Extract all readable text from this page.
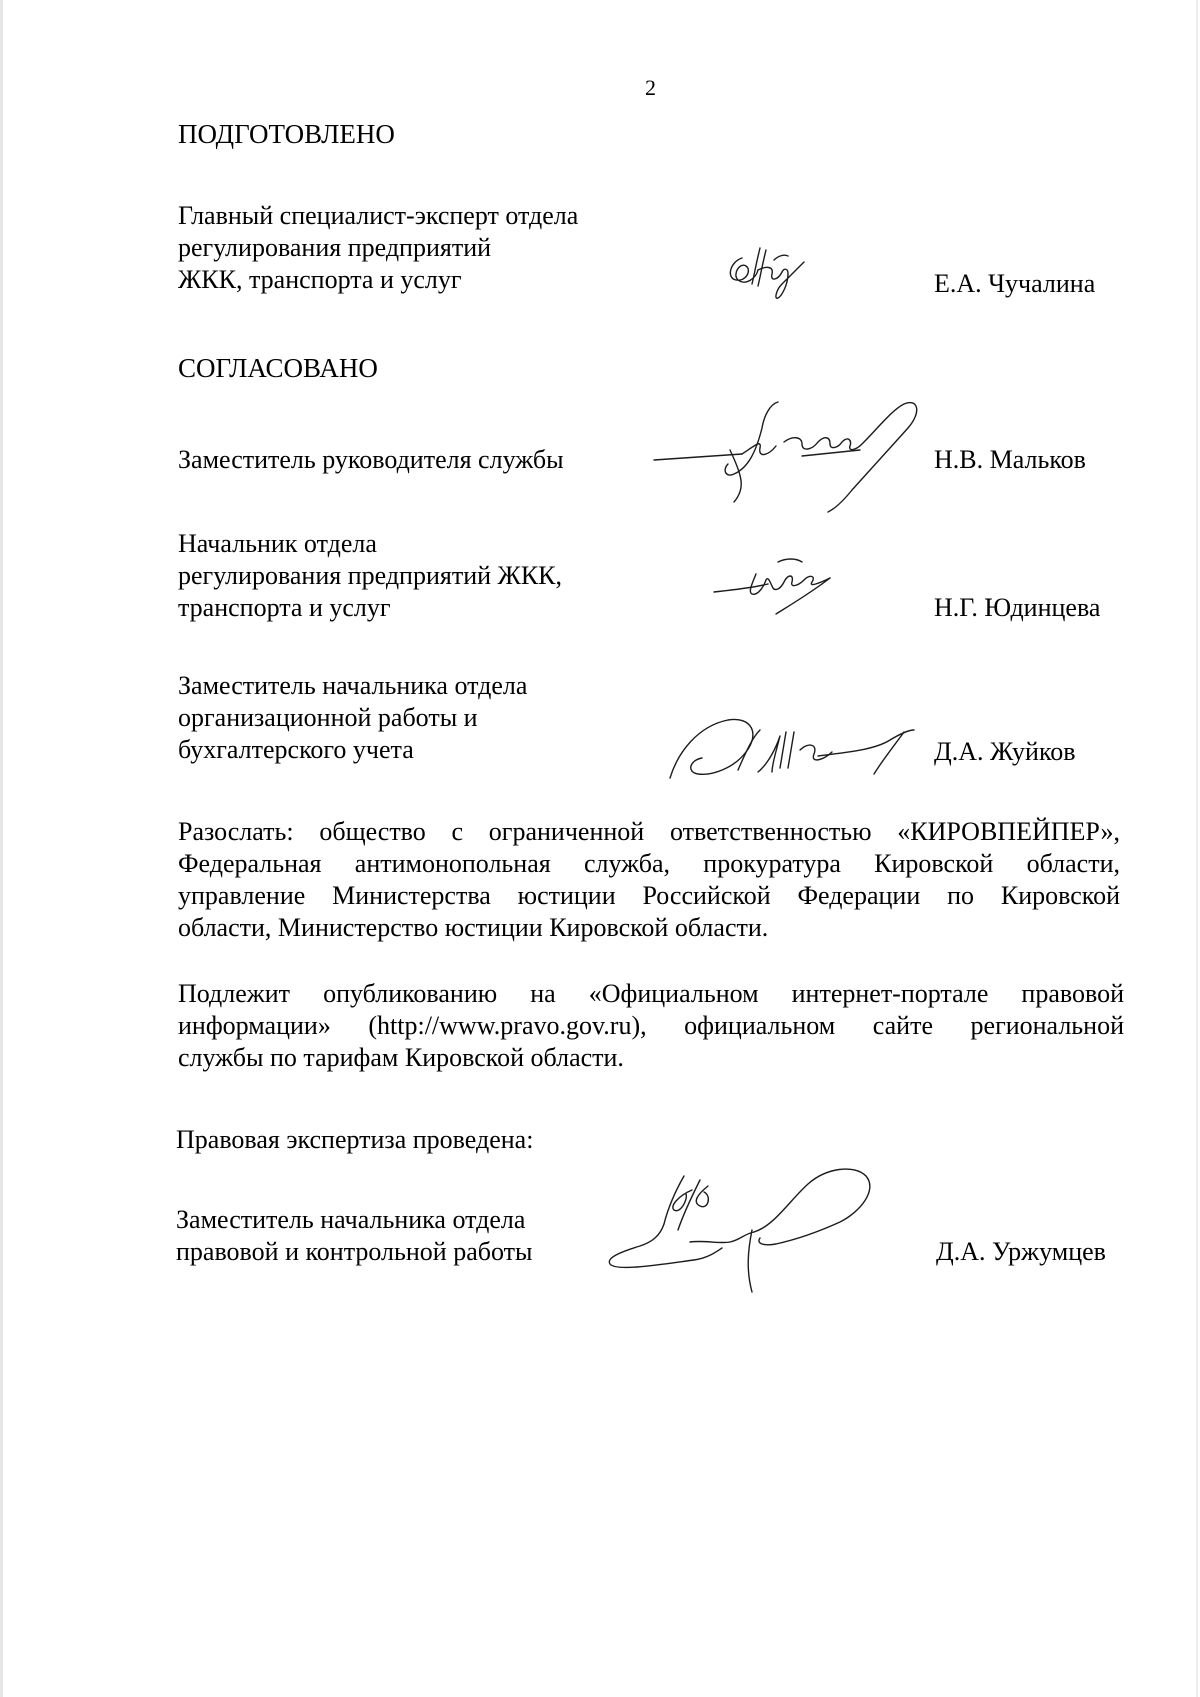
2
ПОДГОТОВЛЕНО
Главный специалист-эксперт отдела
регулирования предприятий
ЖКК, транспорта и услуг	Е.А. Чучалина
СОГЛАСОВАНО
Заместитель руководителя службы	Н.В. Мальков
Начальник отдела
регулирования предприятий ЖКК,
транспорта и услуг	Н.Г. Юдинцева
Заместитель начальника отдела
организационной работы и
бухгалтерского учета	Д.А. Жуйков
Разослать: общество с ограниченной ответственностью «КИРОВПЕЙПЕР»,
Федеральная антимонопольная служба, прокуратура Кировской области,
управление Министерства юстиции Российской Федерации по Кировской
области, Министерство юстиции Кировской области.
Подлежит опубликованию на «Официальном интернет-портале правовой
информации» (http://www.pravo.gov.ru), официальном сайте региональной
службы по тарифам Кировской области.
Правовая экспертиза проведена:
Заместитель начальника отдела
правовой и контрольной работы	Д.А. Уржумцев
